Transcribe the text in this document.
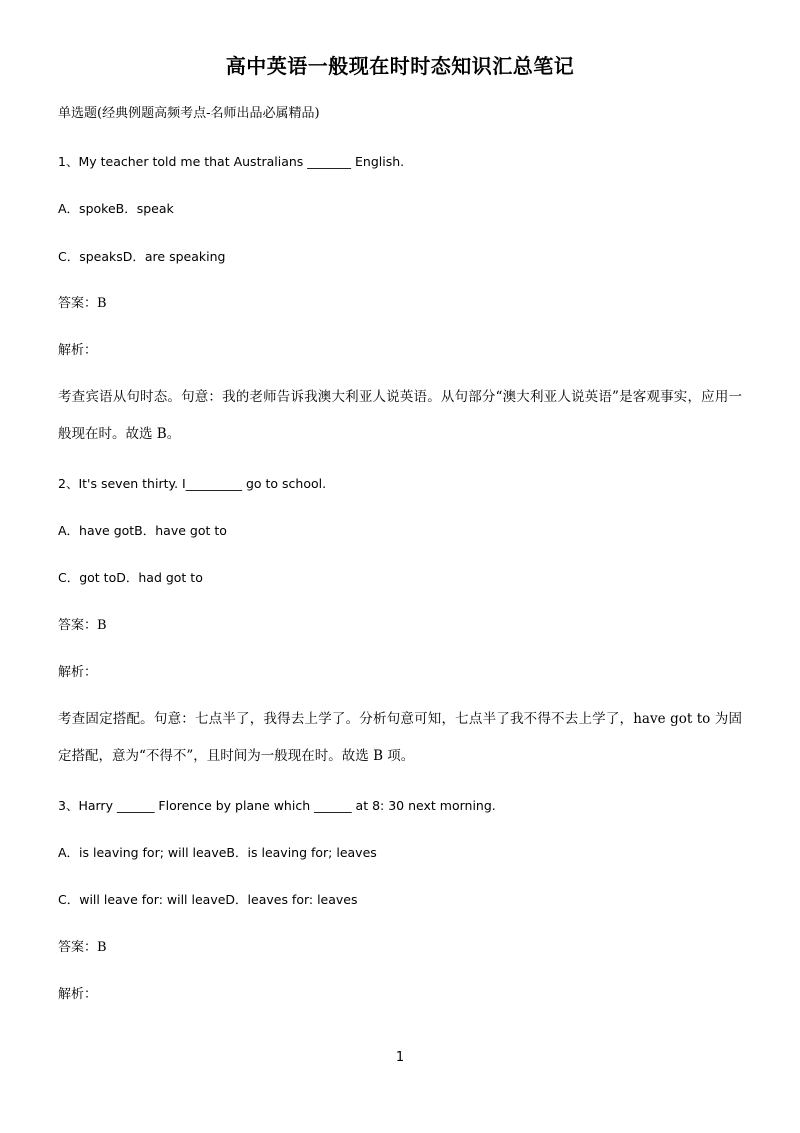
高中英语一般现在时时态知识汇总笔记
单选题(经典例题高频考点-名师出品必属精品)
1、My teacher told me that Australians _______ English.
A．spokeB．speak
C．speaksD．are speaking
答案：B
解析：
考查宾语从句时态。句意：我的老师告诉我澳大利亚人说英语。从句部分“澳大利亚人说英语”是客观事实，应用一般现在时。故选 B。
2、It's seven thirty. I_________ go to school.
A．have gotB．have got to
C．got toD．had got to
答案：B
解析：
考查固定搭配。句意：七点半了，我得去上学了。分析句意可知，七点半了我不得不去上学了，have got to 为固定搭配，意为“不得不”，且时间为一般现在时。故选 B 项。
3、Harry ______ Florence by plane which ______ at 8: 30 next morning.
A．is leaving for; will leaveB．is leaving for; leaves
C．will leave for: will leaveD．leaves for: leaves
答案：B
解析：
1
